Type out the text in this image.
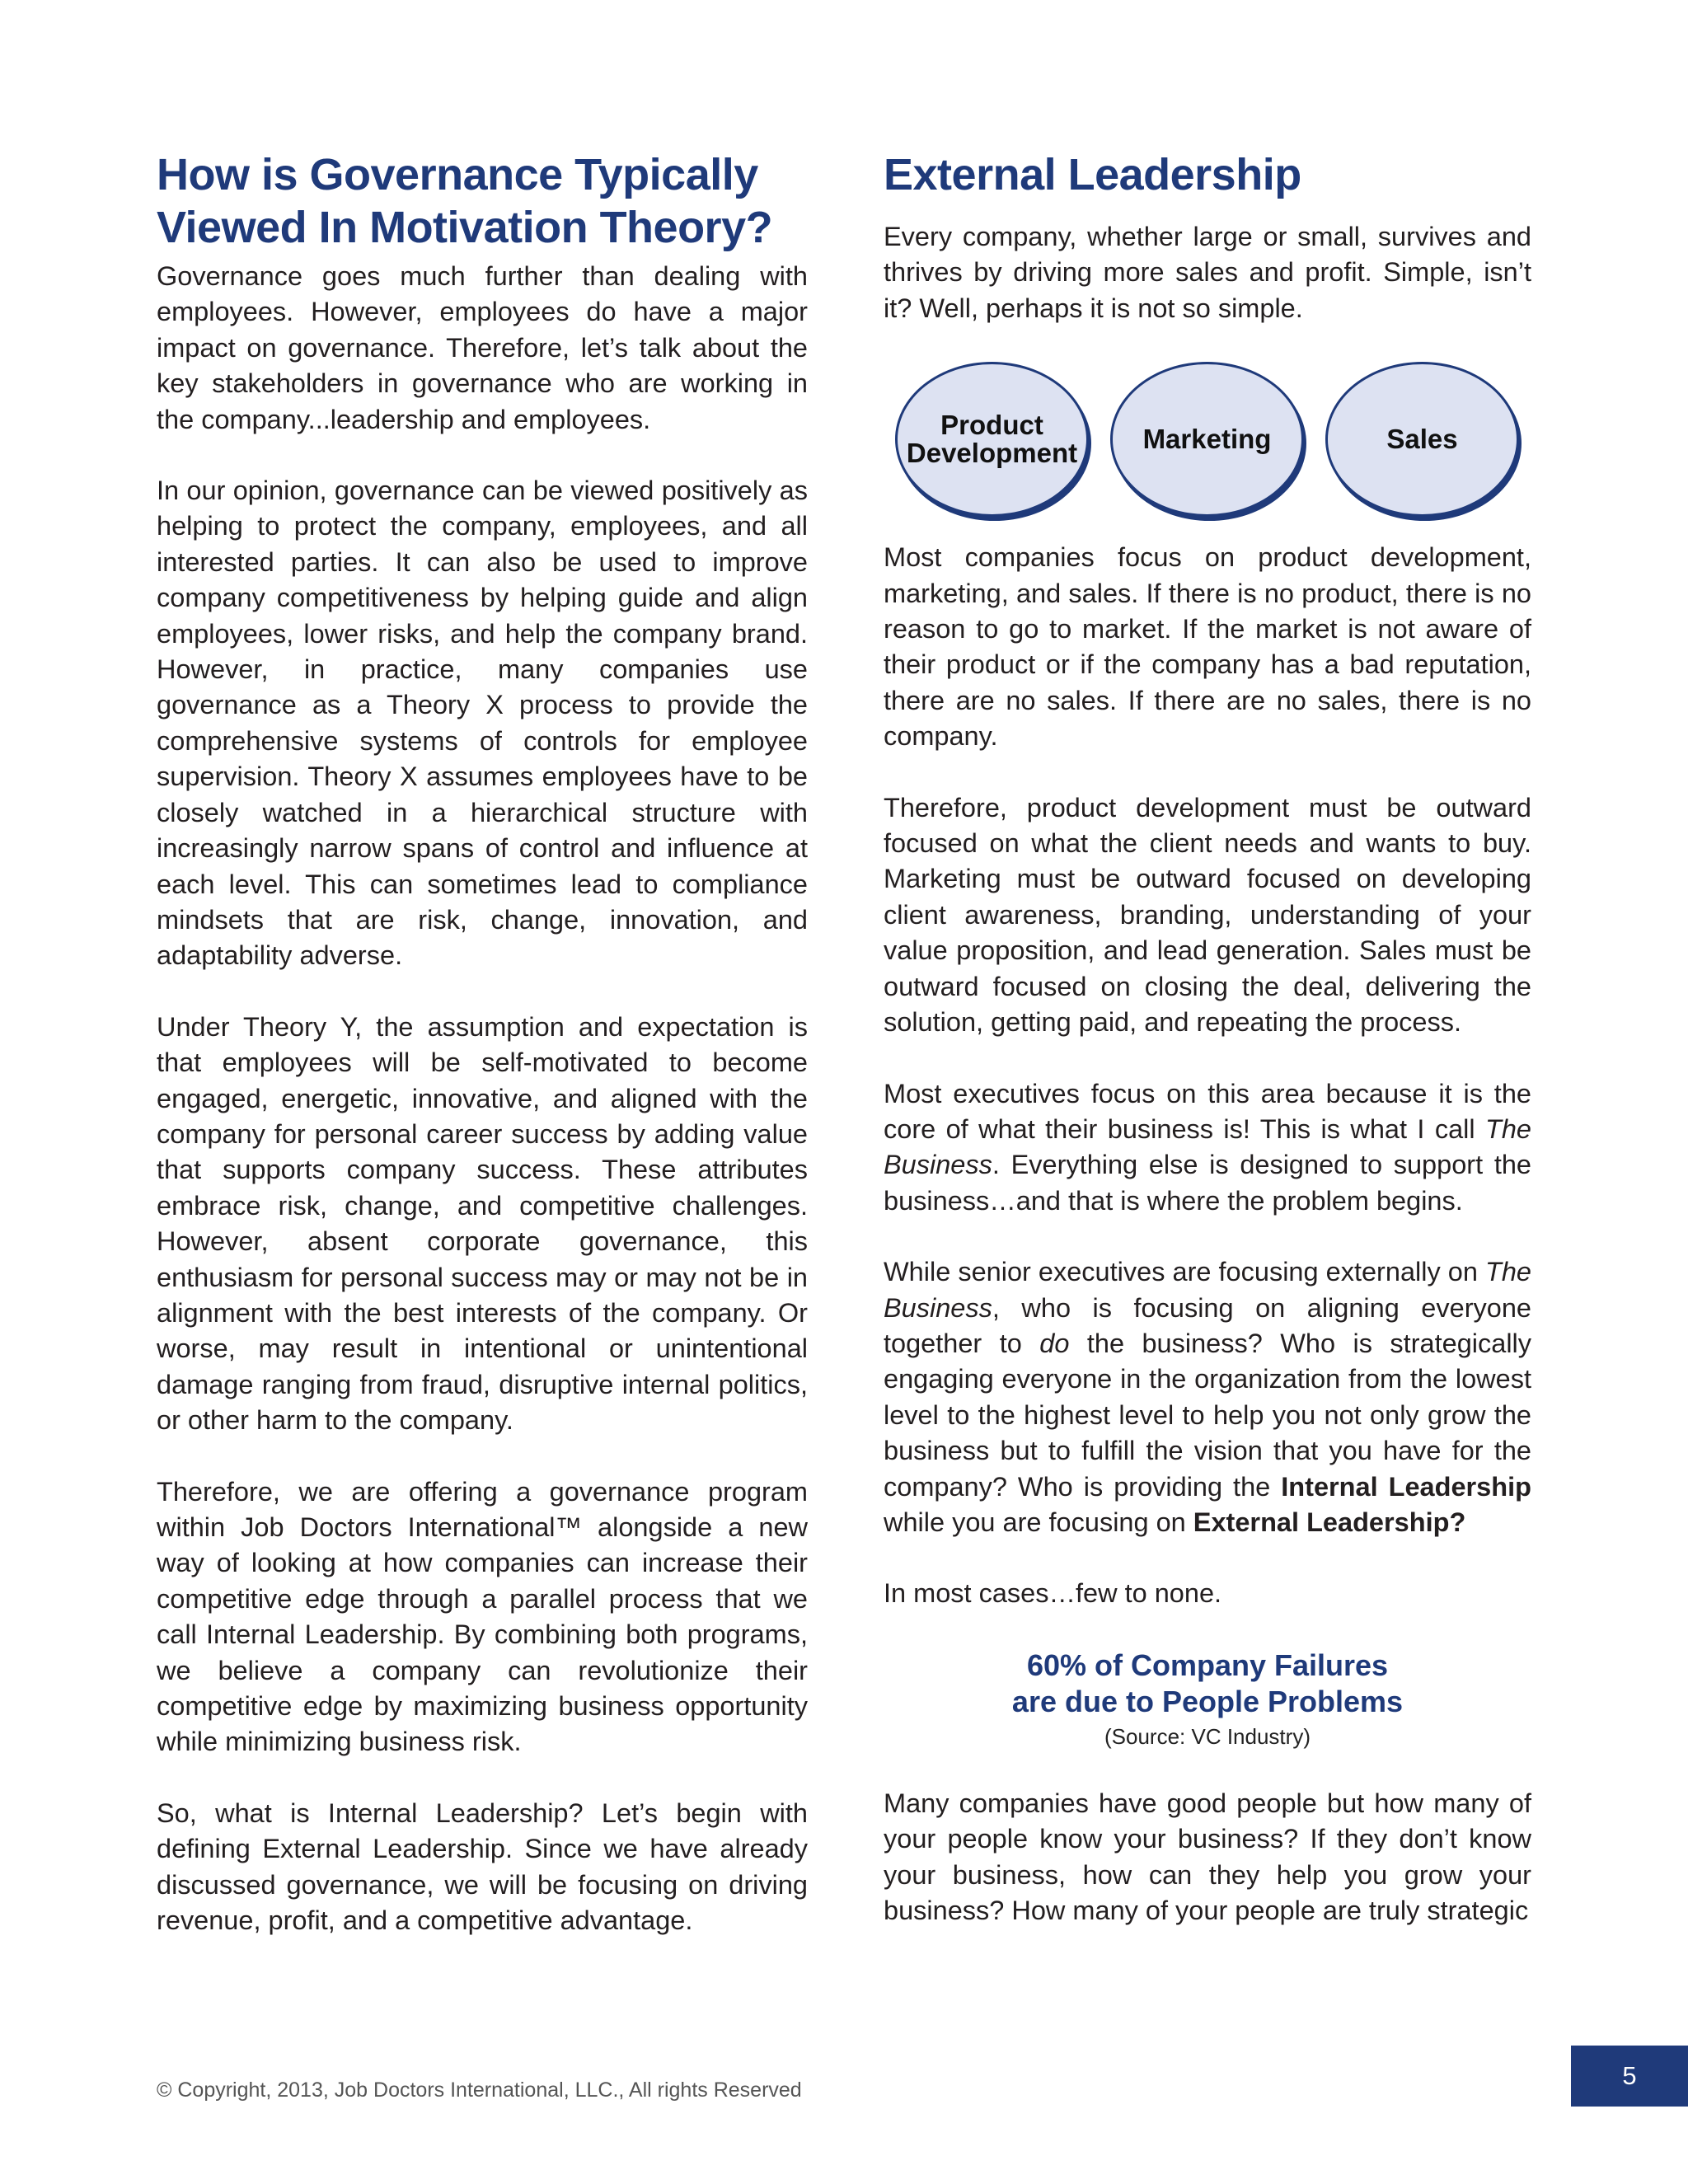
How is Governance Typically
Viewed In Motivation Theory?

Governance goes much further than dealing with employees. However, employees do have a major impact on governance. Therefore, let’s talk about the key stakeholders in governance who are working in the company...leadership and employees.

In our opinion, governance can be viewed positively as helping to protect the company, employees, and all interested parties. It can also be used to improve company competitiveness by helping guide and align employees, lower risks, and help the company brand. However, in practice, many companies use governance as a Theory X process to provide the comprehensive systems of controls for employee supervision. Theory X assumes employees have to be closely watched in a hierarchical structure with increasingly narrow spans of control and influence at each level. This can sometimes lead to compliance mindsets that are risk, change, innovation, and adaptability adverse.

Under Theory Y, the assumption and expectation is that employees will be self-motivated to become engaged, energetic, innovative, and aligned with the company for personal career success by adding value that supports company success. These attributes embrace risk, change, and competitive challenges. However, absent corporate governance, this enthusiasm for personal success may or may not be in alignment with the best interests of the company. Or worse, may result in intentional or unintentional damage ranging from fraud, disruptive internal politics, or other harm to the company.

Therefore, we are offering a governance program within Job Doctors International™ alongside a new way of looking at how companies can increase their competitive edge through a parallel process that we call Internal Leadership. By combining both programs, we believe a company can revolutionize their competitive edge by maximizing business opportunity while minimizing business risk.

So, what is Internal Leadership? Let’s begin with defining External Leadership. Since we have already discussed governance, we will be focusing on driving revenue, profit, and a competitive advantage.

External Leadership

Every company, whether large or small, survives and thrives by driving more sales and profit. Simple, isn’t it? Well, perhaps it is not so simple.

Product
Development Marketing	Sales

Most companies focus on product development, marketing, and sales. If there is no product, there is no reason to go to market. If the market is not aware of their product or if the company has a bad reputation, there are no sales. If there are no sales, there is no company.

Therefore, product development must be outward focused on what the client needs and wants to buy. Marketing must be outward focused on developing client awareness, branding, understanding of your value proposition, and lead generation. Sales must be outward focused on closing the deal, delivering the solution, getting paid, and repeating the process.

Most executives focus on this area because it is the core of what their business is! This is what I call The Business. Everything else is designed to support the business…and that is where the problem begins.

While senior executives are focusing externally on The Business, who is focusing on aligning everyone together to do the business? Who is strategically engaging everyone in the organization from the lowest level to the highest level to help you not only grow the business but to fulfill the vision that you have for the company? Who is providing the Internal Leadership while you are focusing on External Leadership?

In most cases…few to none.

60% of Company Failures
are due to People Problems
(Source: VC Industry)

Many companies have good people but how many of your people know your business? If they don’t know your business, how can they help you grow your business? How many of your people are truly strategic

© Copyright, 2013, Job Doctors International, LLC., All rights Reserved	5
